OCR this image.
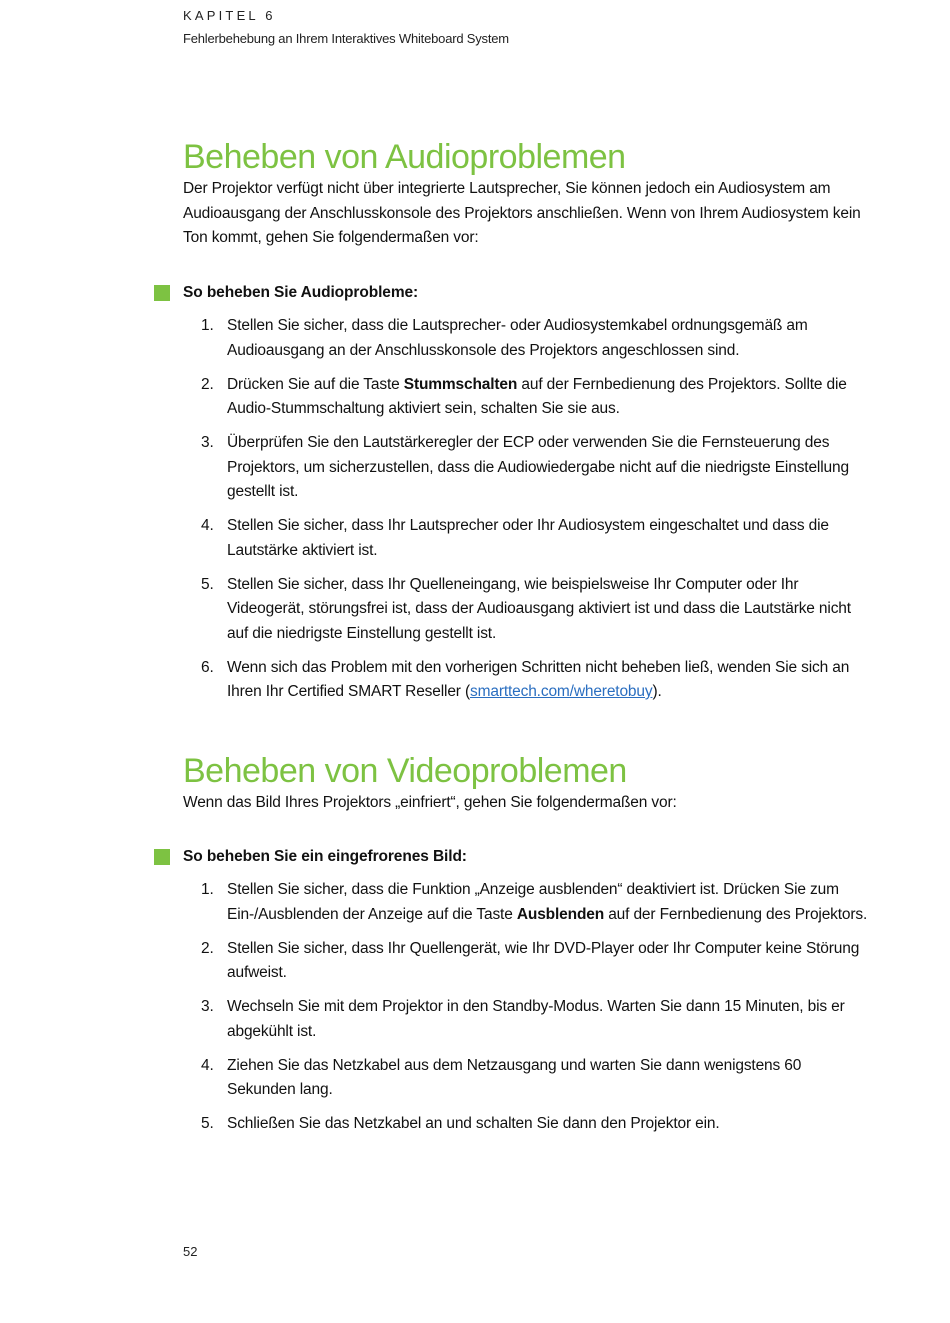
KAPITEL 6
Fehlerbehebung an Ihrem Interaktives Whiteboard System
Beheben von Audioproblemen

Der Projektor verfügt nicht über integrierte Lautsprecher, Sie können jedoch ein Audiosystem am Audioausgang der Anschlusskonsole des Projektors anschließen. Wenn von Ihrem Audiosystem kein Ton kommt, gehen Sie folgendermaßen vor:

So beheben Sie Audioprobleme:

1. Stellen Sie sicher, dass die Lautsprecher- oder Audiosystemkabel ordnungsgemäß am Audioausgang an der Anschlusskonsole des Projektors angeschlossen sind.
2. Drücken Sie auf die Taste Stummschalten auf der Fernbedienung des Projektors. Sollte die Audio-Stummschaltung aktiviert sein, schalten Sie sie aus.
3. Überprüfen Sie den Lautstärkeregler der ECP oder verwenden Sie die Fernsteuerung des Projektors, um sicherzustellen, dass die Audiowiedergabe nicht auf die niedrigste Einstellung gestellt ist.
4. Stellen Sie sicher, dass Ihr Lautsprecher oder Ihr Audiosystem eingeschaltet und dass die Lautstärke aktiviert ist.
5. Stellen Sie sicher, dass Ihr Quelleneingang, wie beispielsweise Ihr Computer oder Ihr Videogerät, störungsfrei ist, dass der Audioausgang aktiviert ist und dass die Lautstärke nicht auf die niedrigste Einstellung gestellt ist.
6. Wenn sich das Problem mit den vorherigen Schritten nicht beheben ließ, wenden Sie sich an Ihren Ihr Certified SMART Reseller (smarttech.com/wheretobuy).
Beheben von Videoproblemen

Wenn das Bild Ihres Projektors „einfriert“, gehen Sie folgendermaßen vor:

So beheben Sie ein eingefrorenes Bild:

1. Stellen Sie sicher, dass die Funktion „Anzeige ausblenden“ deaktiviert ist. Drücken Sie zum Ein-/Ausblenden der Anzeige auf die Taste Ausblenden auf der Fernbedienung des Projektors.
2. Stellen Sie sicher, dass Ihr Quellengerät, wie Ihr DVD-Player oder Ihr Computer keine Störung aufweist.
3. Wechseln Sie mit dem Projektor in den Standby-Modus. Warten Sie dann 15 Minuten, bis er abgekühlt ist.
4. Ziehen Sie das Netzkabel aus dem Netzausgang und warten Sie dann wenigstens 60 Sekunden lang.
5. Schließen Sie das Netzkabel an und schalten Sie dann den Projektor ein.
52
